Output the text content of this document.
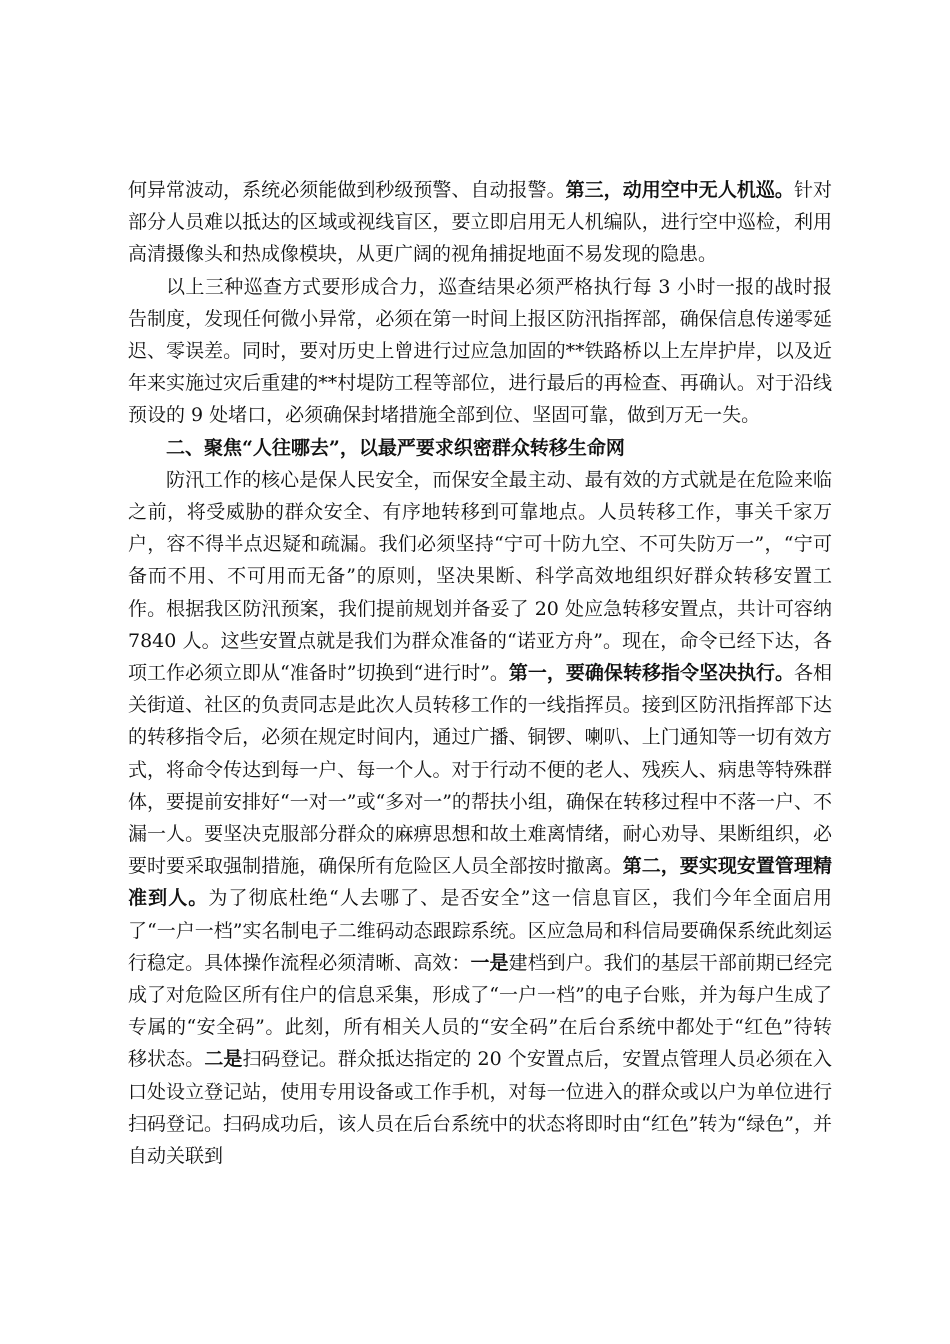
何异常波动，系统必须能做到秒级预警、自动报警。第三，动用空中无人机巡。针对部分人员难以抵达的区域或视线盲区，要立即启用无人机编队，进行空中巡检，利用高清摄像头和热成像模块，从更广阔的视角捕捉地面不易发现的隐患。

以上三种巡查方式要形成合力，巡查结果必须严格执行每 3 小时一报的战时报告制度，发现任何微小异常，必须在第一时间上报区防汛指挥部，确保信息传递零延迟、零误差。同时，要对历史上曾进行过应急加固的**铁路桥以上左岸护岸，以及近年来实施过灾后重建的**村堤防工程等部位，进行最后的再检查、再确认。对于沿线预设的 9 处堵口，必须确保封堵措施全部到位、坚固可靠，做到万无一失。

二、聚焦“人往哪去”，以最严要求织密群众转移生命网

防汛工作的核心是保人民安全，而保安全最主动、最有效的方式就是在危险来临之前，将受威胁的群众安全、有序地转移到可靠地点。人员转移工作，事关千家万户，容不得半点迟疑和疏漏。我们必须坚持“宁可十防九空、不可失防万一”，“宁可备而不用、不可用而无备”的原则，坚决果断、科学高效地组织好群众转移安置工作。根据我区防汛预案，我们提前规划并备妥了 20 处应急转移安置点，共计可容纳 7840 人。这些安置点就是我们为群众准备的“诺亚方舟”。现在，命令已经下达，各项工作必须立即从“准备时”切换到“进行时”。第一，要确保转移指令坚决执行。各相关街道、社区的负责同志是此次人员转移工作的一线指挥员。接到区防汛指挥部下达的转移指令后，必须在规定时间内，通过广播、铜锣、喇叭、上门通知等一切有效方式，将命令传达到每一户、每一个人。对于行动不便的老人、残疾人、病患等特殊群体，要提前安排好“一对一”或“多对一”的帮扶小组，确保在转移过程中不落一户、不漏一人。要坚决克服部分群众的麻痹思想和故土难离情绪，耐心劝导、果断组织，必要时要采取强制措施，确保所有危险区人员全部按时撤离。第二，要实现安置管理精准到人。为了彻底杜绝“人去哪了、是否安全”这一信息盲区，我们今年全面启用了“一户一档”实名制电子二维码动态跟踪系统。区应急局和科信局要确保系统此刻运行稳定。具体操作流程必须清晰、高效：一是建档到户。我们的基层干部前期已经完成了对危险区所有住户的信息采集，形成了“一户一档”的电子台账，并为每户生成了专属的“安全码”。此刻，所有相关人员的“安全码”在后台系统中都处于“红色”待转移状态。二是扫码登记。群众抵达指定的 20 个安置点后，安置点管理人员必须在入口处设立登记站，使用专用设备或工作手机，对每一位进入的群众或以户为单位进行扫码登记。扫码成功后，该人员在后台系统中的状态将即时由“红色”转为“绿色”，并自动关联到
